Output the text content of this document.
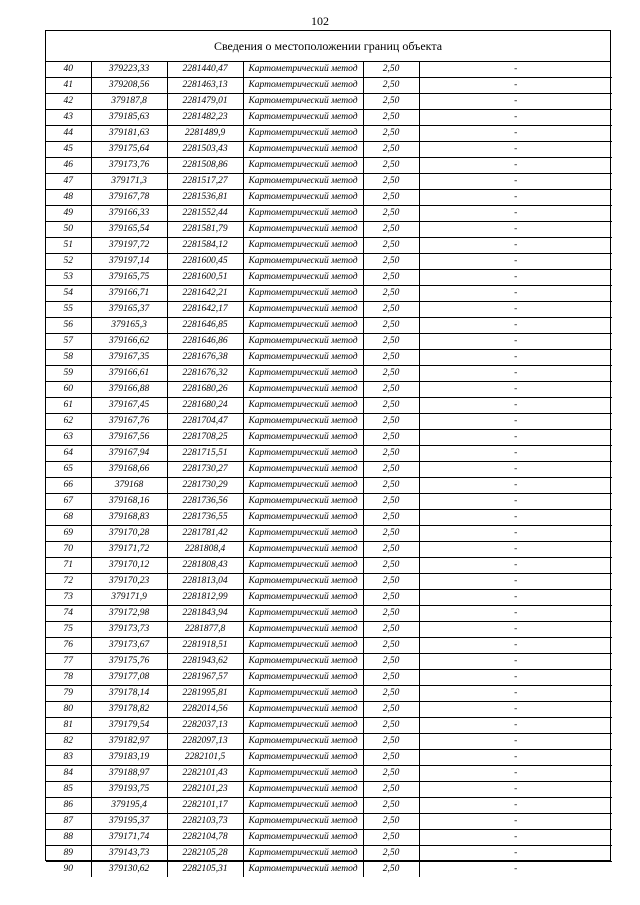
102
Сведения о местоположении границ объекта
40	379223,33	2281440,47	Картометрический метод	2,50	-
41	379208,56	2281463,13	Картометрический метод	2,50	-
42	379187,8	2281479,01	Картометрический метод	2,50	-
43	379185,63	2281482,23	Картометрический метод	2,50	-
44	379181,63	2281489,9	Картометрический метод	2,50	-
45	379175,64	2281503,43	Картометрический метод	2,50	-
46	379173,76	2281508,86	Картометрический метод	2,50	-
47	379171,3	2281517,27	Картометрический метод	2,50	-
48	379167,78	2281536,81	Картометрический метод	2,50	-
49	379166,33	2281552,44	Картометрический метод	2,50	-
50	379165,54	2281581,79	Картометрический метод	2,50	-
51	379197,72	2281584,12	Картометрический метод	2,50	-
52	379197,14	2281600,45	Картометрический метод	2,50	-
53	379165,75	2281600,51	Картометрический метод	2,50	-
54	379166,71	2281642,21	Картометрический метод	2,50	-
55	379165,37	2281642,17	Картометрический метод	2,50	-
56	379165,3	2281646,85	Картометрический метод	2,50	-
57	379166,62	2281646,86	Картометрический метод	2,50	-
58	379167,35	2281676,38	Картометрический метод	2,50	-
59	379166,61	2281676,32	Картометрический метод	2,50	-
60	379166,88	2281680,26	Картометрический метод	2,50	-
61	379167,45	2281680,24	Картометрический метод	2,50	-
62	379167,76	2281704,47	Картометрический метод	2,50	-
63	379167,56	2281708,25	Картометрический метод	2,50	-
64	379167,94	2281715,51	Картометрический метод	2,50	-
65	379168,66	2281730,27	Картометрический метод	2,50	-
66	379168	2281730,29	Картометрический метод	2,50	-
67	379168,16	2281736,56	Картометрический метод	2,50	-
68	379168,83	2281736,55	Картометрический метод	2,50	-
69	379170,28	2281781,42	Картометрический метод	2,50	-
70	379171,72	2281808,4	Картометрический метод	2,50	-
71	379170,12	2281808,43	Картометрический метод	2,50	-
72	379170,23	2281813,04	Картометрический метод	2,50	-
73	379171,9	2281812,99	Картометрический метод	2,50	-
74	379172,98	2281843,94	Картометрический метод	2,50	-
75	379173,73	2281877,8	Картометрический метод	2,50	-
76	379173,67	2281918,51	Картометрический метод	2,50	-
77	379175,76	2281943,62	Картометрический метод	2,50	-
78	379177,08	2281967,57	Картометрический метод	2,50	-
79	379178,14	2281995,81	Картометрический метод	2,50	-
80	379178,82	2282014,56	Картометрический метод	2,50	-
81	379179,54	2282037,13	Картометрический метод	2,50	-
82	379182,97	2282097,13	Картометрический метод	2,50	-
83	379183,19	2282101,5	Картометрический метод	2,50	-
84	379188,97	2282101,43	Картометрический метод	2,50	-
85	379193,75	2282101,23	Картометрический метод	2,50	-
86	379195,4	2282101,17	Картометрический метод	2,50	-
87	379195,37	2282103,73	Картометрический метод	2,50	-
88	379171,74	2282104,78	Картометрический метод	2,50	-
89	379143,73	2282105,28	Картометрический метод	2,50	-
90	379130,62	2282105,31	Картометрический метод	2,50	-
